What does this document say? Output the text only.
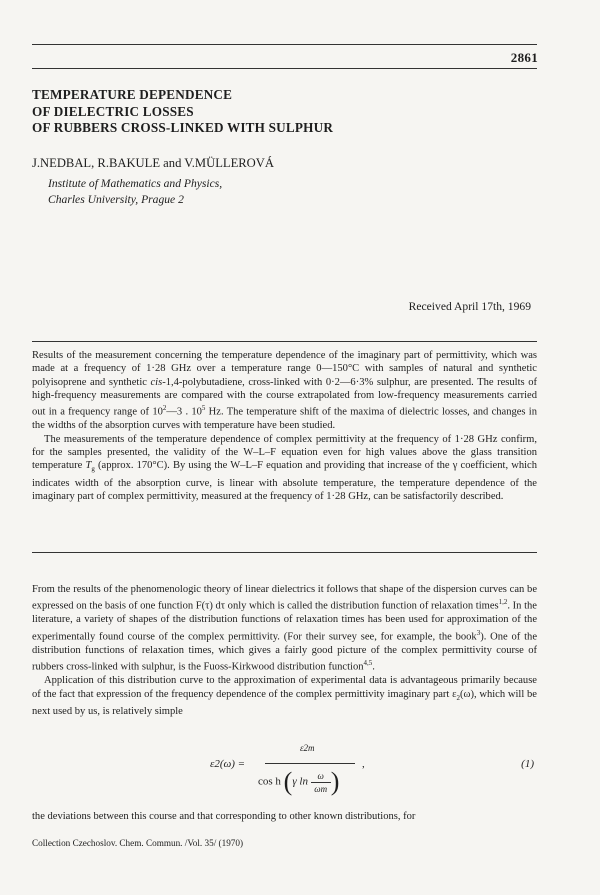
2861
TEMPERATURE DEPENDENCE
OF DIELECTRIC LOSSES
OF RUBBERS CROSS-LINKED WITH SULPHUR
J.NEDBAL, R.BAKULE and V.MÜLLEROVÁ
Institute of Mathematics and Physics,
Charles University, Prague 2
Received April 17th, 1969

Results of the measurement concerning the temperature dependence of the imaginary part of permittivity, which was made at a frequency of 1·28 GHz over a temperature range 0—150°C with samples of natural and synthetic polyisoprene and synthetic cis-1,4-polybutadiene, cross-linked with 0·2—6·3% sulphur, are presented. The results of high-frequency measurements are compared with the course extrapolated from low-frequency measurements carried out in a frequency range of $10^2—3$ . $10^5$ Hz. The temperature shift of the maxima of dielectric losses, and changes in the widths of the absorption curves with temperature have been studied.

The measurements of the temperature dependence of complex permittivity at the frequency of 1·28 GHz confirm, for the samples presented, the validity of the W–L–F equation even for high values above the glass transition temperature $T_g$ (approx. 170°C). By using the W–L–F equation and providing that increase of the γ coefficient, which indicates width of the absorption curve, is linear with absolute temperature, the temperature dependence of the imaginary part of complex permittivity, measured at the frequency of 1·28 GHz, can be satisfactorily described.

From the results of the phenomenologic theory of linear dielectrics it follows that shape of the dispersion curves can be expressed on the basis of one function F(τ) dτ only which is called the distribution function of relaxation times$^{1,2}$. In the literature, a variety of shapes of the distribution functions of relaxation times has been used for approximation of the experimentally found course of the complex permittivity. (For their survey see, for example, the book$^3$). One of the distribution functions of relaxation times, which gives a fairly good picture of the complex permittivity course of rubbers cross-linked with sulphur, is the Fuoss-Kirkwood distribution function$^{4,5}$.

Application of this distribution curve to the approximation of experimental data is advantageous primarily because of the fact that expression of the frequency dependence of the complex permittivity imaginary part $\varepsilon_2(\omega)$, which will be next used by us, is relatively simple

ε2(ω) =
ε2m
cos h (γ $\ln \frac{\omega}{\omega m}$ )
,	(1)
the deviations between this course and that corresponding to other known distributions, for
Collection Czechoslov. Chem. Commun. /Vol. 35/ (1970)
